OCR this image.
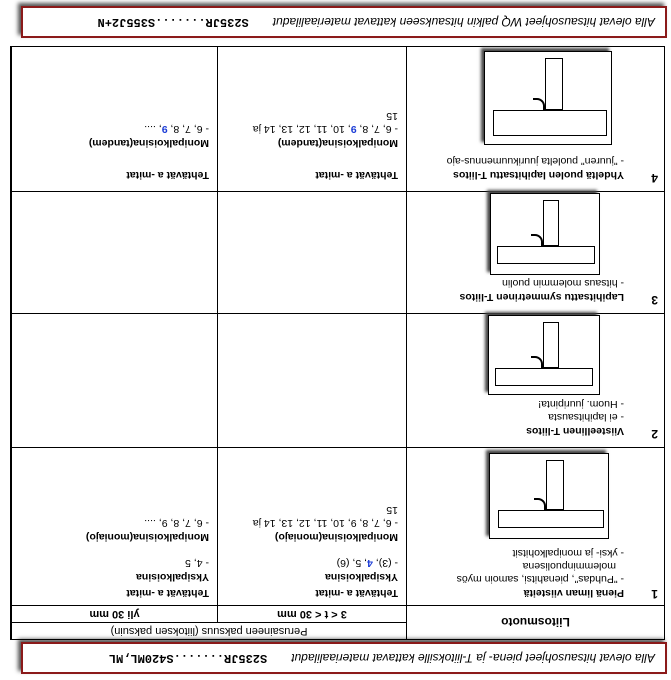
Alla olevat hitsausohjeet piena- ja T-liitoksille kattavat materiaaliladut
S235JR.......S420ML,ML
Liitosmuoto
Perusaineen paksuus (liitoksen paksuin)
3 < t < 30 mm
yli 30 mm
1
Pienä liman viisteitä
- "Puhdas", pienahitsi, samoin myös
molemminpuolisena
- yksi- ja monipalkohitsit
Tehtävät a -mitat
Yksipalkoisina
- (3), 4, 5, (6)
Monipalkoisina(moniajo)
- 6, 7, 8, 9, 10, 11, 12, 13, 14 ja
15
Tehtävät a -mitat
Yksipalkoisina
- 4, 5
Monipalkoisina(moniajo)
- 6, 7, 8, 9, ....
2
Viisteellinen T-liitos
- ei lapihitsausta
- Huom. juuripinta!
3
Lapihitsattu symmetrinen T-liitos
- hitsaus molemmin puolin
4
Yhdeltä puolen lapihitsattu T-liitos
- "juuren" puolelta juurikuumennus-ajo
Tehtävät a -mitat
Monipalkoisina(tandem)
- 6, 7, 8, 9, 10, 11, 12, 13, 14 ja
15
Tehtävät a -mitat
Monipalkoisina(tandem)
- 6, 7, 8, 9, ....
Alla olevat hitsausohjeet WQ palkin hitsaukseen kattavat materiaaliladut
S235JR.......S355J2+N
